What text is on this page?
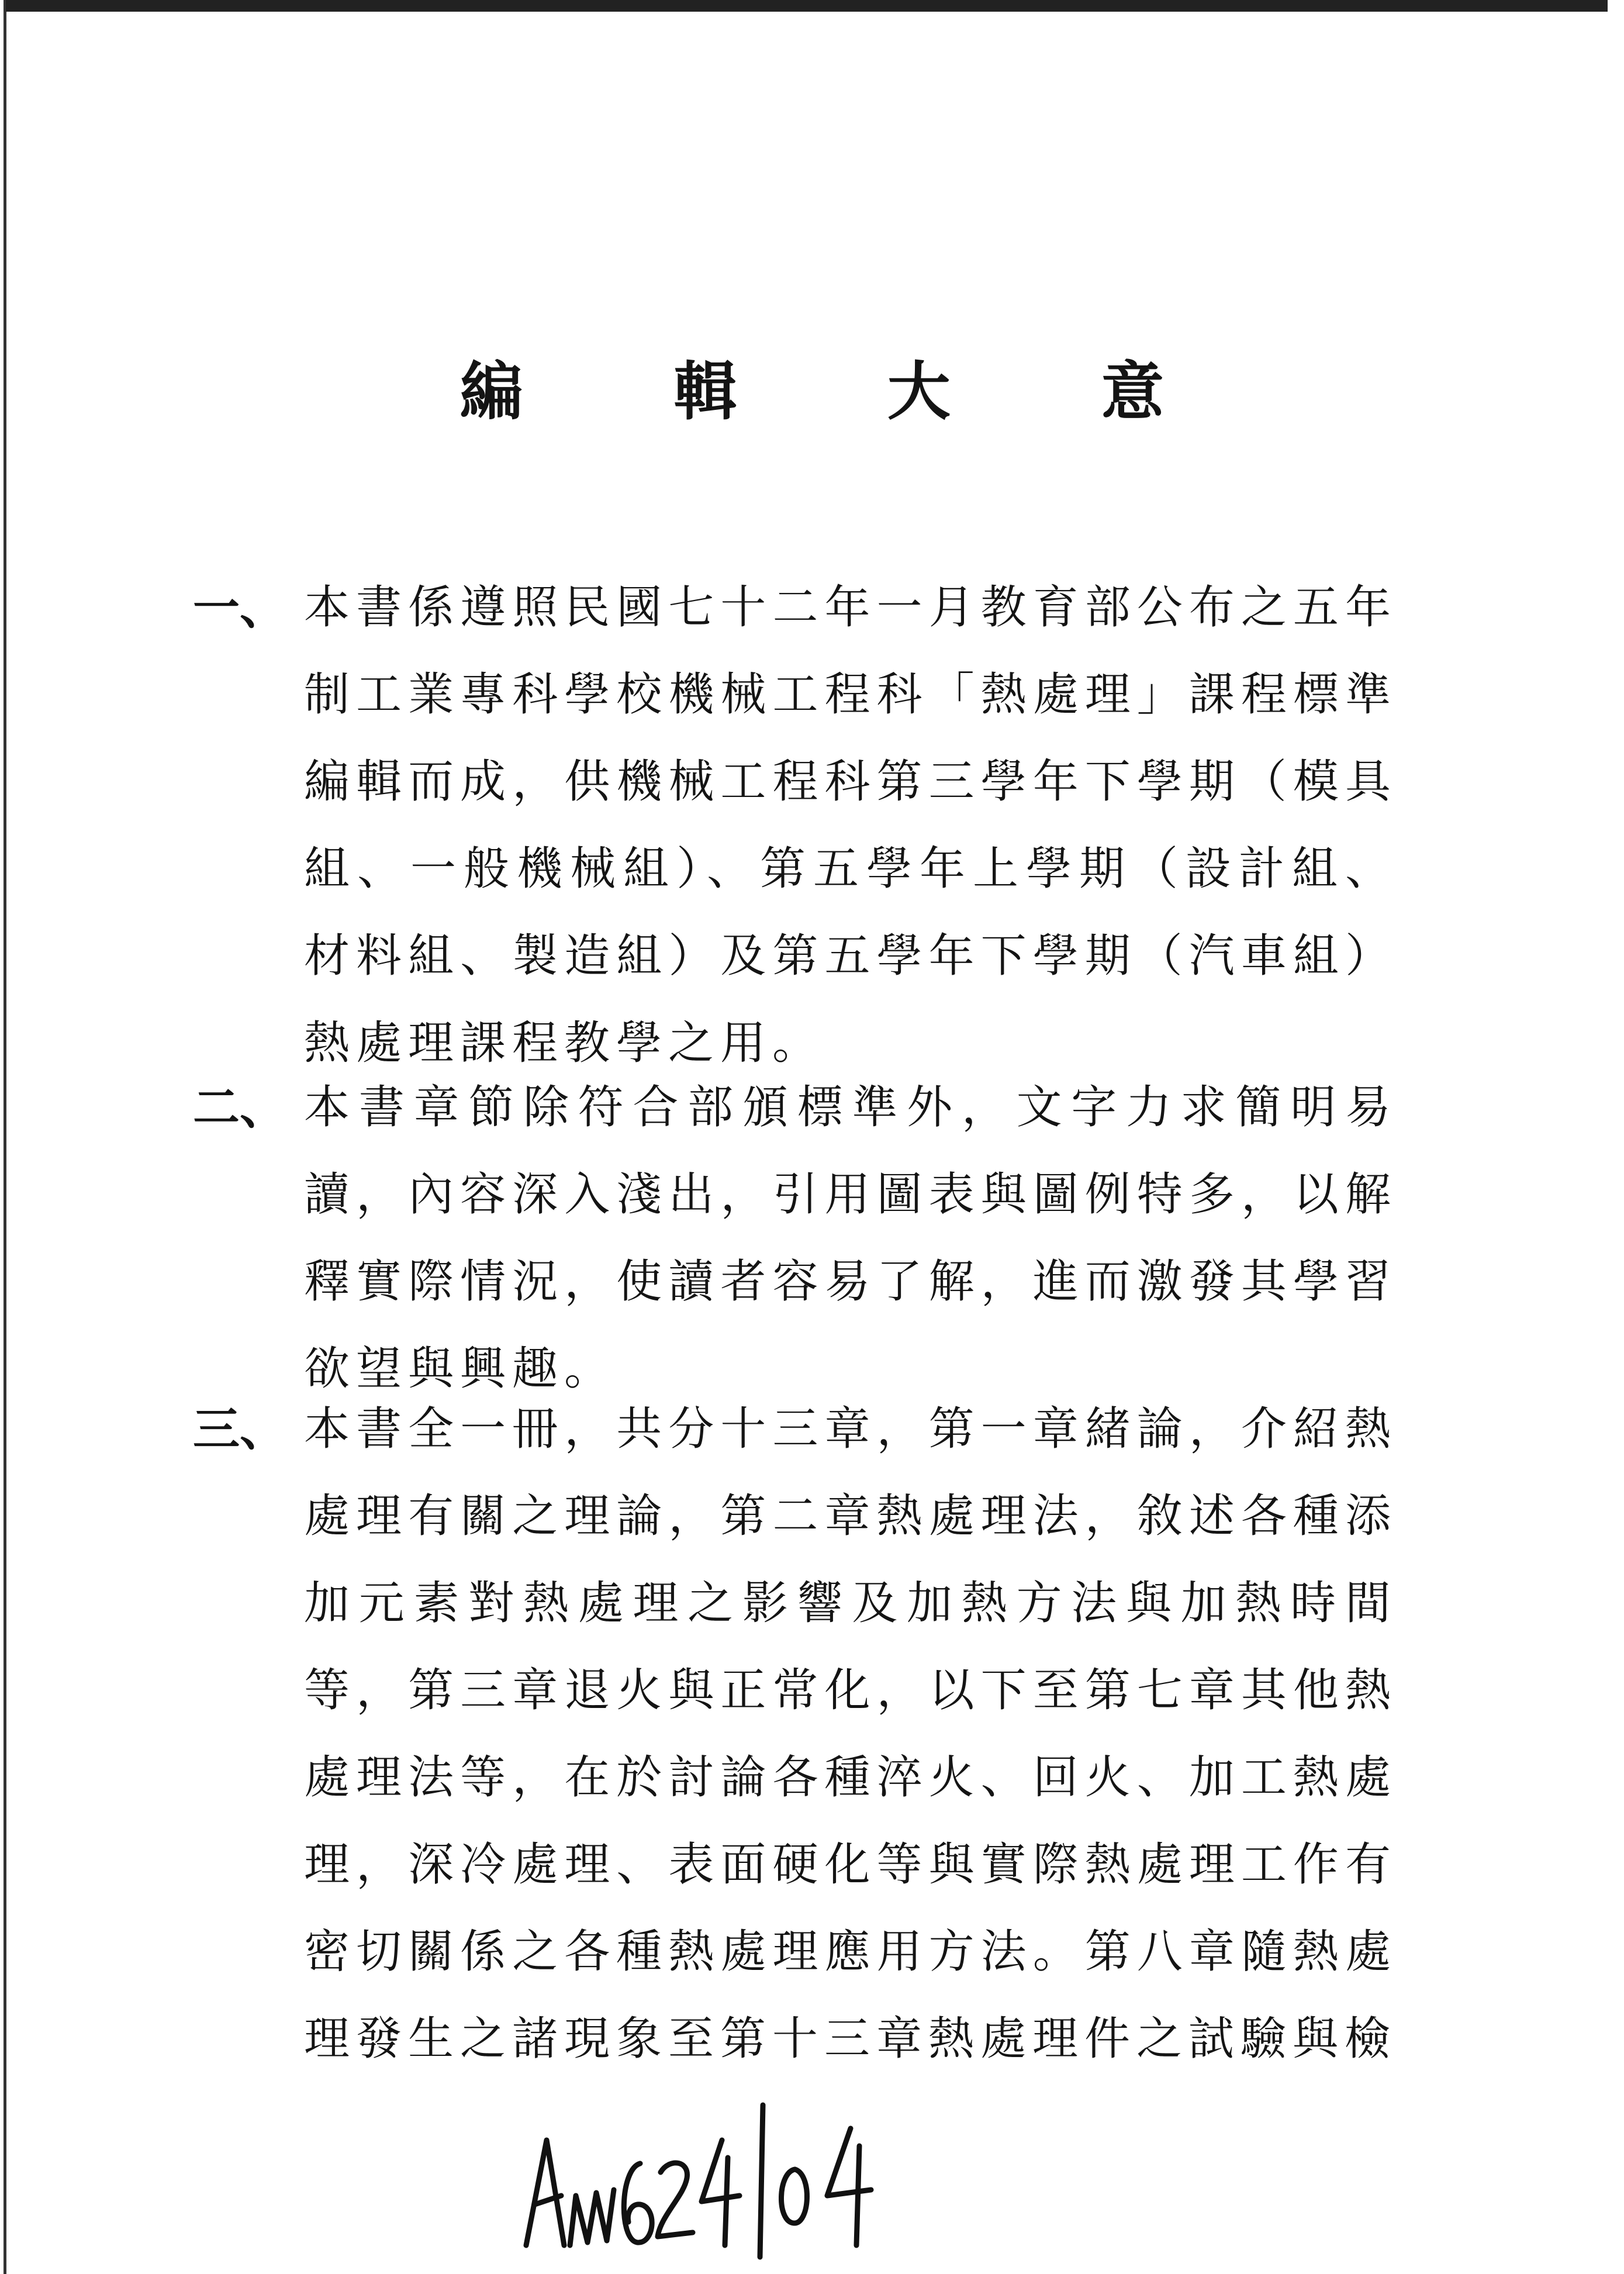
編 輯 大 意
一、 本書係遵照民國七十二年一月教育部公布之五年制工業專科學校機械工程科「熱處理」課程標準編輯而成，供機械工程科第三學年下學期（模具組、一般機械組）、第五學年上學期（設計組、材料組、製造組）及第五學年下學期（汽車組）熱處理課程教學之用。
二、 本書章節除符合部頒標準外，文字力求簡明易讀，內容深入淺出，引用圖表與圖例特多，以解釋實際情況，使讀者容易了解，進而激發其學習欲望與興趣。
三、 本書全一冊，共分十三章，第一章緒論，介紹熱處理有關之理論，第二章熱處理法，敘述各種添加元素對熱處理之影響及加熱方法與加熱時間等，第三章退火與正常化，以下至第七章其他熱處理法等，在於討論各種淬火、回火、加工熱處理，深冷處理、表面硬化等與實際熱處理工作有密切關係之各種熱處理應用方法。第八章隨熱處理發生之諸現象至第十三章熱處理件之試驗與檢
